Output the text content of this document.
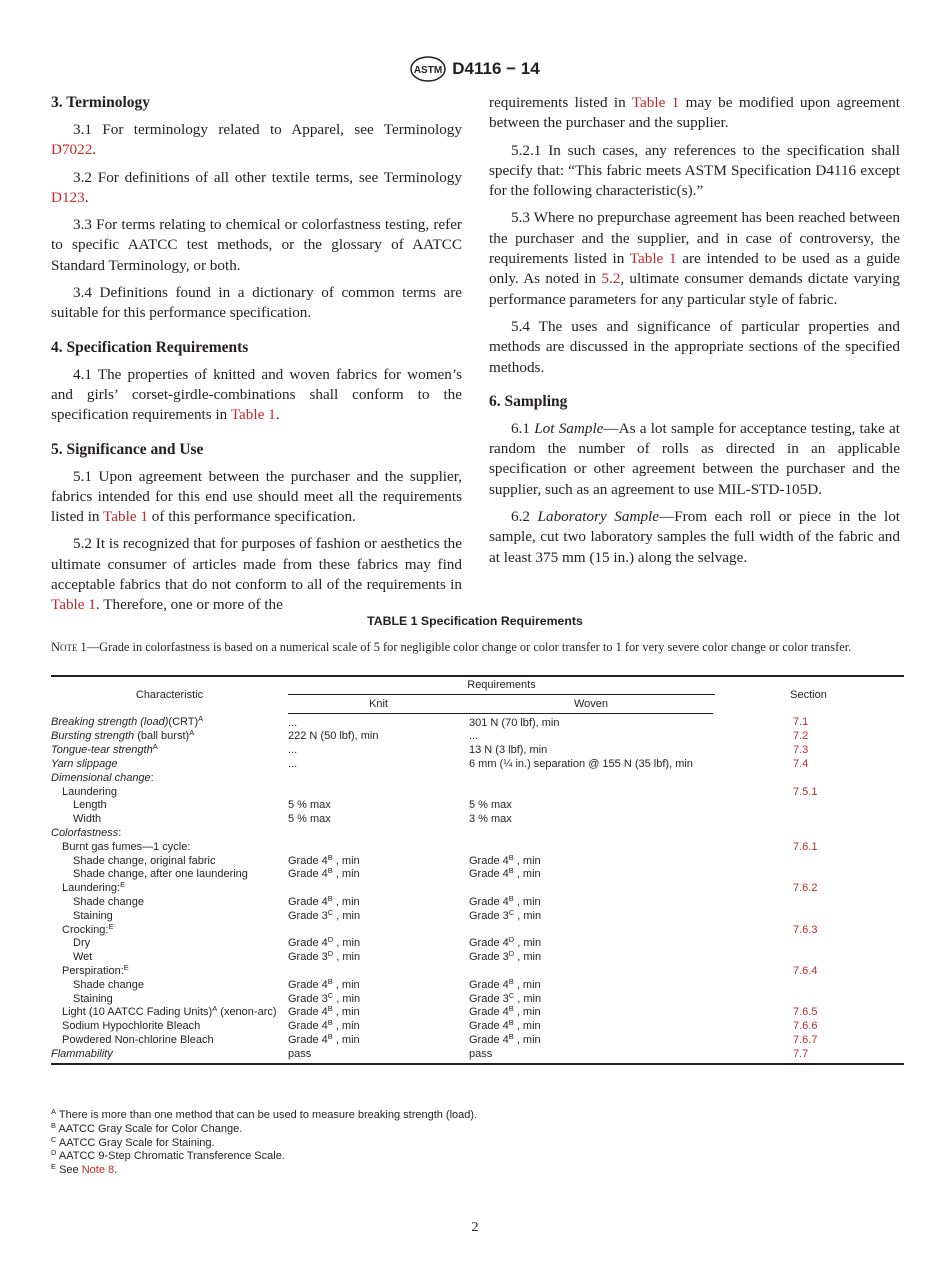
ASTM D4116 − 14
3. Terminology

3.1 For terminology related to Apparel, see Terminology D7022.

3.2 For definitions of all other textile terms, see Terminology D123.

3.3 For terms relating to chemical or colorfastness testing, refer to specific AATCC test methods, or the glossary of AATCC Standard Terminology, or both.

3.4 Definitions found in a dictionary of common terms are suitable for this performance specification.

4. Specification Requirements

4.1 The properties of knitted and woven fabrics for women’s and girls’ corset-girdle-combinations shall conform to the specification requirements in Table 1.

5. Significance and Use

5.1 Upon agreement between the purchaser and the supplier, fabrics intended for this end use should meet all the requirements listed in Table 1 of this performance specification.

5.2 It is recognized that for purposes of fashion or aesthetics the ultimate consumer of articles made from these fabrics may find acceptable fabrics that do not conform to all of the requirements in Table 1. Therefore, one or more of the

requirements listed in Table 1 may be modified upon agreement between the purchaser and the supplier.

5.2.1 In such cases, any references to the specification shall specify that: “This fabric meets ASTM Specification D4116 except for the following characteristic(s).”

5.3 Where no prepurchase agreement has been reached between the purchaser and the supplier, and in case of controversy, the requirements listed in Table 1 are intended to be used as a guide only. As noted in 5.2, ultimate consumer demands dictate varying performance parameters for any particular style of fabric.

5.4 The uses and significance of particular properties and methods are discussed in the appropriate sections of the specified methods.

6. Sampling

6.1 Lot Sample—As a lot sample for acceptance testing, take at random the number of rolls as directed in an applicable specification or other agreement between the purchaser and the supplier, such as an agreement to use MIL-STD-105D.

6.2 Laboratory Sample—From each roll or piece in the lot sample, cut two laboratory samples the full width of the fabric and at least 375 mm (15 in.) along the selvage.

TABLE 1 Specification Requirements
Note 1—Grade in colorfastness is based on a numerical scale of 5 for negligible color change or color transfer to 1 for very severe color change or color transfer.
Characteristic	Requirements		Section
	Knit	Woven	
Breaking strength (load)(CRT)$^A$	...	301 N (70 lbf), min	7.1
Bursting strength (ball burst)$^A$	222 N (50 lbf), min	...	7.2
Tongue-tear strength$^A$	...	13 N (3 lbf), min	7.3
Yarn slippage	...	6 mm (¼ in.) separation @ 155 N (35 lbf), min	7.4
Dimensional change:			
Laundering			7.5.1
Length	5 % max	5 % max	
Width	5 % max	3 % max	
Colorfastness:			
Burnt gas fumes—1 cycle:			7.6.1
Shade change, original fabric	Grade $4^B$ , min	Grade $4^B$ , min	
Shade change, after one laundering	Grade $4^B$ , min	Grade $4^B$ , min	
Laundering:$^E$			7.6.2
Shade change	Grade $4^B$ , min	Grade $4^B$ , min	
Staining	Grade $3^C$ , min	Grade $3^C$ , min	
Crocking:$^E$			7.6.3
Dry	Grade $4^D$ , min	Grade $4^D$ , min	
Wet	Grade $3^D$ , min	Grade $3^D$ , min	
Perspiration:$^E$			7.6.4
Shade change	Grade $4^B$ , min	Grade $4^B$ , min	
Staining	Grade $3^C$ , min	Grade $3^C$ , min	
Light (10 AATCC Fading Units)$^A$ (xenon-arc)	Grade $4^B$ , min	Grade $4^B$ , min	7.6.5
Sodium Hypochlorite Bleach	Grade $4^B$ , min	Grade $4^B$ , min	7.6.6
Powdered Non-chlorine Bleach	Grade $4^B$ , min	Grade $4^B$ , min	7.6.7
Flammability	pass	pass	7.7
$^A$ There is more than one method that can be used to measure breaking strength (load).
$^B$ AATCC Gray Scale for Color Change.
$^C$ AATCC Gray Scale for Staining.
$^D$ AATCC 9-Step Chromatic Transference Scale.
$^E$ See Note 8.
2
